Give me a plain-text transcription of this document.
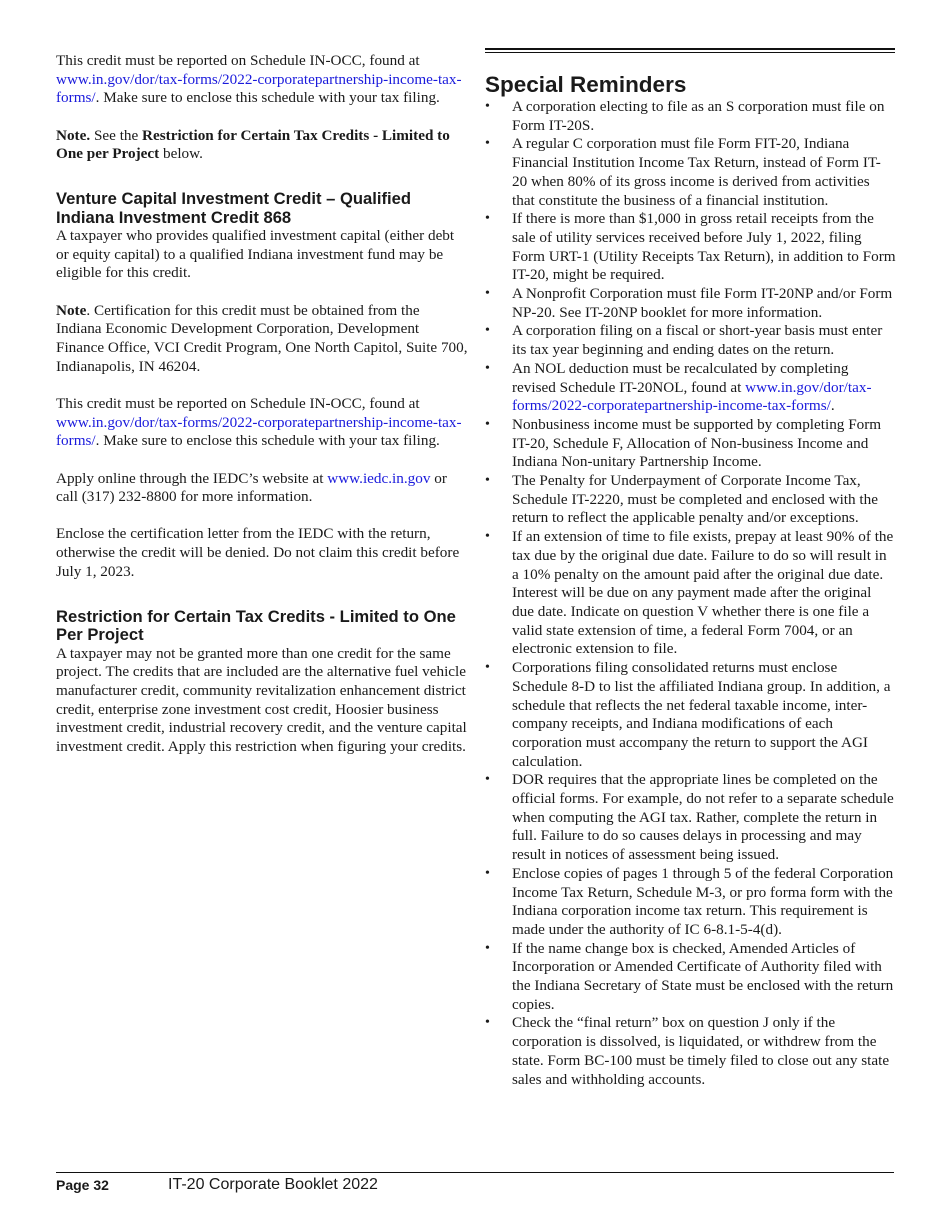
This credit must be reported on Schedule IN-OCC, found at www.in.gov/dor/tax-forms/2022-corporatepartnership-income-tax-forms/. Make sure to enclose this schedule with your tax filing.

Note. See the Restriction for Certain Tax Credits - Limited to One per Project below.

Venture Capital Investment Credit – Qualified Indiana Investment Credit 868

A taxpayer who provides qualified investment capital (either debt or equity capital) to a qualified Indiana investment fund may be eligible for this credit.

Note. Certification for this credit must be obtained from the Indiana Economic Development Corporation, Development Finance Office, VCI Credit Program, One North Capitol, Suite 700, Indianapolis, IN 46204.

This credit must be reported on Schedule IN-OCC, found at www.in.gov/dor/tax-forms/2022-corporatepartnership-income-tax-forms/. Make sure to enclose this schedule with your tax filing.

Apply online through the IEDC’s website at www.iedc.in.gov or call (317) 232-8800 for more information.

Enclose the certification letter from the IEDC with the return, otherwise the credit will be denied. Do not claim this credit before July 1, 2023.

Restriction for Certain Tax Credits - Limited to One Per Project

A taxpayer may not be granted more than one credit for the same project. The credits that are included are the alternative fuel vehicle manufacturer credit, community revitalization enhancement district credit, enterprise zone investment cost credit, Hoosier business investment credit, industrial recovery credit, and the venture capital investment credit. Apply this restriction when figuring your credits.

Special Reminders
• A corporation electing to file as an S corporation must file on Form IT-20S.
• A regular C corporation must file Form FIT-20, Indiana Financial Institution Income Tax Return, instead of Form IT-20 when 80% of its gross income is derived from activities that constitute the business of a financial institution.
• If there is more than $1,000 in gross retail receipts from the sale of utility services received before July 1, 2022, filing Form URT-1 (Utility Receipts Tax Return), in addition to Form IT-20, might be required.
• A Nonprofit Corporation must file Form IT-20NP and/or Form NP-20. See IT-20NP booklet for more information.
• A corporation filing on a fiscal or short-year basis must enter its tax year beginning and ending dates on the return.
• An NOL deduction must be recalculated by completing revised Schedule IT-20NOL, found at www.in.gov/dor/tax-forms/2022-corporatepartnership-income-tax-forms/.
• Nonbusiness income must be supported by completing Form IT-20, Schedule F, Allocation of Non-business Income and Indiana Non-unitary Partnership Income.
• The Penalty for Underpayment of Corporate Income Tax, Schedule IT-2220, must be completed and enclosed with the return to reflect the applicable penalty and/or exceptions.
• If an extension of time to file exists, prepay at least 90% of the tax due by the original due date. Failure to do so will result in a 10% penalty on the amount paid after the original due date. Interest will be due on any payment made after the original due date. Indicate on question V whether there is one file a valid state extension of time, a federal Form 7004, or an electronic extension to file.
• Corporations filing consolidated returns must enclose Schedule 8-D to list the affiliated Indiana group. In addition, a schedule that reflects the net federal taxable income, inter-company receipts, and Indiana modifications of each corporation must accompany the return to support the AGI calculation.
• DOR requires that the appropriate lines be completed on the official forms. For example, do not refer to a separate schedule when computing the AGI tax. Rather, complete the return in full. Failure to do so causes delays in processing and may result in notices of assessment being issued.
• Enclose copies of pages 1 through 5 of the federal Corporation Income Tax Return, Schedule M-3, or pro forma form with the Indiana corporation income tax return. This requirement is made under the authority of IC 6-8.1-5-4(d).
• If the name change box is checked, Amended Articles of Incorporation or Amended Certificate of Authority filed with the Indiana Secretary of State must be enclosed with the return copies.
• Check the “final return” box on question J only if the corporation is dissolved, is liquidated, or withdrew from the state. Form BC-100 must be timely filed to close out any state sales and withholding accounts.
Page 32	IT-20 Corporate Booklet 2022
